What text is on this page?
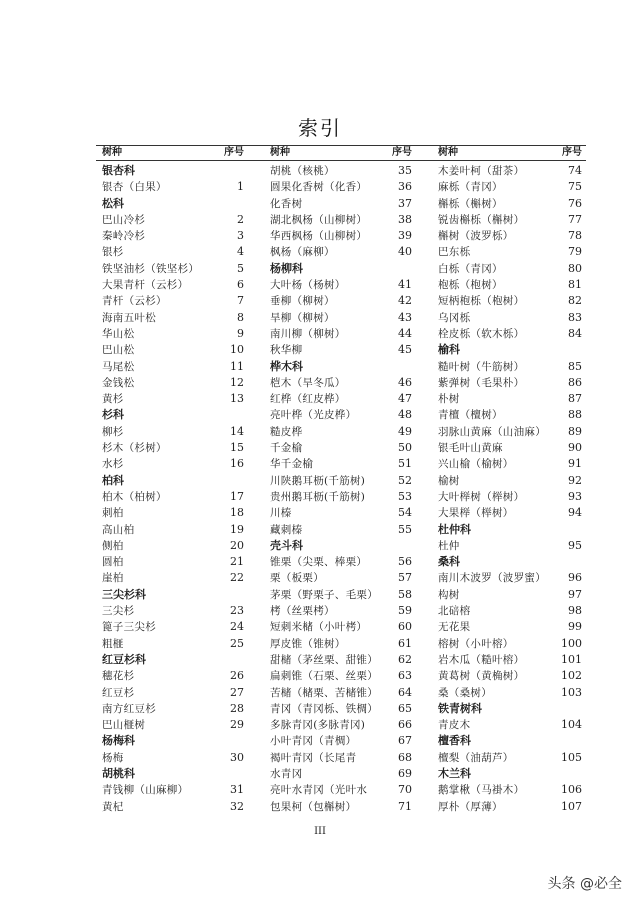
索引
树种	序号
银杏科
银杏（白果）	1
松科
巴山冷杉	2
秦岭冷杉	3
银杉	4
铁坚油杉（铁坚杉）	5
大果青杆（云杉）	6
青杆（云杉）	7
海南五叶松	8
华山松	9
巴山松	10
马尾松	11
金钱松	12
黄杉	13
杉科
柳杉	14
杉木（杉树）	15
水杉	16
柏科
柏木（柏树）	17
刺柏	18
高山柏	19
侧柏	20
圆柏	21
崖柏	22
三尖杉科
三尖杉	23
篦子三尖杉	24
粗榧	25
红豆杉科
穗花杉	26
红豆杉	27
南方红豆杉	28
巴山榧树	29
杨梅科
杨梅	30
胡桃科
青钱柳（山麻柳）	31
黄杞	32
树种	序号
胡桃（核桃）	35
圆果化香树（化香）	36
化香树	37
湖北枫杨（山柳树）	38
华西枫杨（山柳树）	39
枫杨（麻柳）	40
杨柳科
大叶杨（杨树）	41
垂柳（柳树）	42
旱柳（柳树）	43
南川柳（柳树）	44
秋华柳	45
桦木科
桤木（旱冬瓜）	46
红桦（红皮桦）	47
亮叶桦（光皮桦）	48
糙皮桦	49
千金榆	50
华千金榆	51
川陕鹅耳枥(千筋树)	52
贵州鹅耳枥(千筋树)	53
川榛	54
藏刺榛	55
壳斗科
锥栗（尖栗、棒栗）	56
栗（板栗）	57
茅栗（野栗子、毛栗） 58
栲（丝栗栲）	59
短刺米槠（小叶栲）	60
厚皮锥（锥树）	61
甜槠（茅丝栗、甜锥） 62
扁刺锥（石栗、丝栗） 63
苦槠（槠栗、苦槠锥） 64
青冈（青冈栎、铁椆） 65
多脉青冈(多脉青冈)	66
小叶青冈（青椆）	67
褐叶青冈（长尾青	68
水青冈	69
亮叶水青冈（光叶水	70
包果柯（包槲树）	71
树种	序号
木姜叶柯（甜茶）	74
麻栎（青冈）	75
槲栎（槲树）	76
锐齿槲栎（槲树）	77
槲树（波罗栎）	78
巴东栎	79
白栎（青冈）	80
枹栎（枹树）	81
短柄枹栎（枹树）	82
乌冈栎	83
栓皮栎（软木栎）	84
榆科
糙叶树（牛筋树）	85
紫弹树（毛果朴）	86
朴树	87
青檀（檀树）	88
羽脉山黄麻（山油麻） 89
银毛叶山黄麻	90
兴山榆（榆树）	91
榆树	92
大叶榉树（榉树）	93
大果榉（榉树）	94
杜仲科
杜仲	95
桑科
南川木波罗（波罗蜜） 96
构树	97
北碚榕	98
无花果	99
榕树（小叶榕）	100
岩木瓜（糙叶榕）	101
黄葛树（黄桷树）	102
桑（桑树）	103
铁青树科
青皮木	104
檀香科
檀梨（油葫芦）	105
木兰科
鹅掌楸（马褂木）	106
厚朴（厚薄）	107
III
头条 @必全
